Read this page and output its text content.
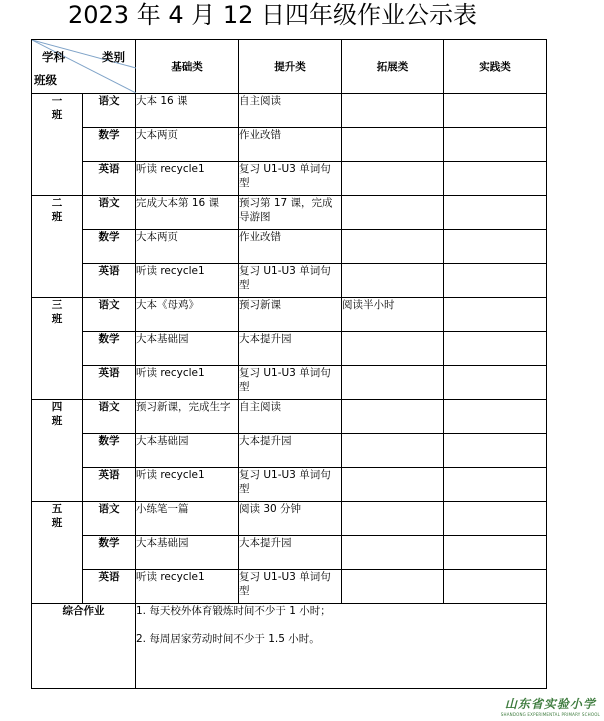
2023 年 4 月 12 日四年级作业公示表
学科 类别
班级		基础类	提升类	拓展类	实践类
一
班	语文	大本 16 课	自主阅读		
	数学	大本两页	作业改错		
	英语	听读 recycle1	复习 U1-U3 单词句型		
二
班	语文	完成大本第 16 课	预习第 17 课，完成导游图		
	数学	大本两页	作业改错		
	英语	听读 recycle1	复习 U1-U3 单词句型		
三
班	语文	大本《母鸡》	预习新课	阅读半小时	
	数学	大本基础园	大本提升园		
	英语	听读 recycle1	复习 U1-U3 单词句型		
四
班	语文	预习新课，完成生字	自主阅读		
	数学	大本基础园	大本提升园		
	英语	听读 recycle1	复习 U1-U3 单词句型		
五
班	语文	小练笔一篇	阅读 30 分钟		
	数学	大本基础园	大本提升园		
	英语	听读 recycle1	复习 U1-U3 单词句型		
综合作业		1. 每天校外体育锻炼时间不少于 1 小时；

2. 每周居家劳动时间不少于 1.5 小时。			

山东省实验小学
SHANDONG EXPERIMENTAL PRIMARY SCHOOL
